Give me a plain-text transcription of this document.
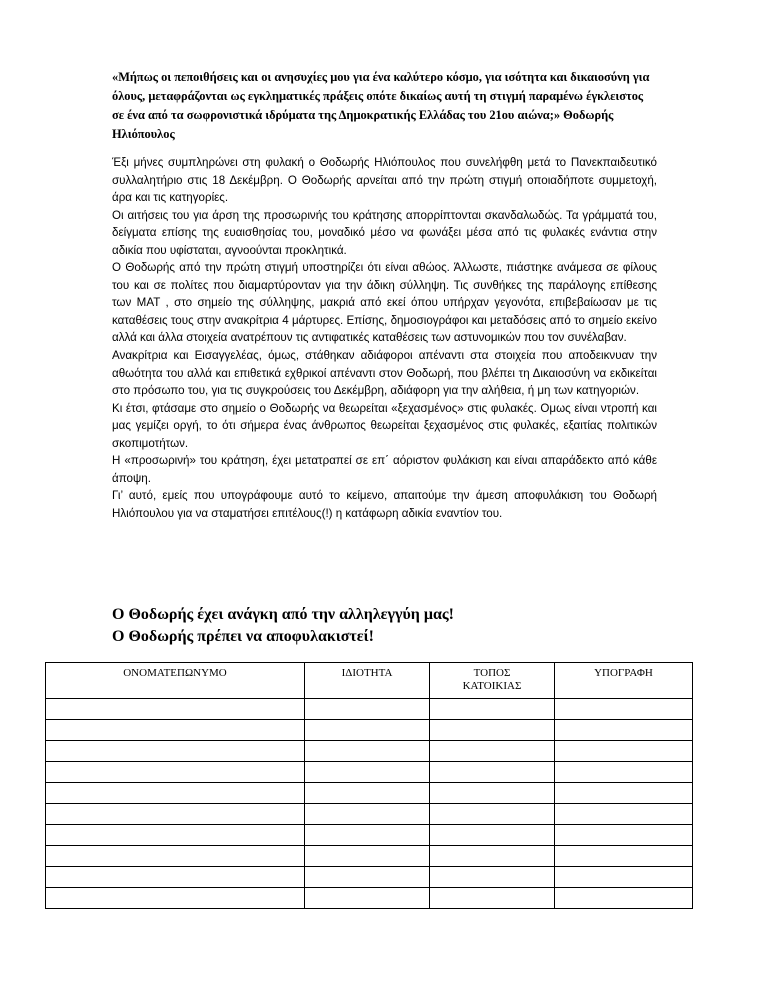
«Μήπως οι πεποιθήσεις και οι ανησυχίες μου για ένα καλύτερο κόσμο, για ισότητα και δικαιοσύνη για όλους, μεταφράζονται ως εγκληματικές πράξεις οπότε δικαίως αυτή τη στιγμή παραμένω έγκλειστος σε ένα από τα σωφρονιστικά ιδρύματα της Δημοκρατικής Ελλάδας του 21ου αιώνα;» Θοδωρής Ηλιόπουλος

Έξι μήνες συμπληρώνει στη φυλακή ο Θοδωρής Ηλιόπουλος που συνελήφθη μετά το Πανεκπαιδευτικό συλλαλητήριο στις 18 Δεκέμβρη. Ο Θοδωρής αρνείται από την πρώτη στιγμή οποιαδήποτε συμμετοχή, άρα και τις κατηγορίες.

Οι αιτήσεις του για άρση της προσωρινής του κράτησης απορρίπτονται σκανδαλωδώς. Τα γράμματά του, δείγματα επίσης της ευαισθησίας του, μοναδικό μέσο να φωνάξει μέσα από τις φυλακές ενάντια στην αδικία που υφίσταται, αγνοούνται προκλητικά.

Ο Θοδωρής από την πρώτη στιγμή υποστηρίζει ότι είναι αθώος. Άλλωστε, πιάστηκε ανάμεσα σε φίλους του και σε πολίτες που διαμαρτύρονταν για την άδικη σύλληψη. Τις συνθήκες της παράλογης επίθεσης των ΜΑΤ , στο σημείο της σύλληψης, μακριά από εκεί όπου υπήρχαν γεγονότα, επιβεβαίωσαν με τις καταθέσεις τους στην ανακρίτρια 4 μάρτυρες. Επίσης, δημοσιογράφοι και μεταδόσεις από το σημείο εκείνο αλλά και άλλα στοιχεία ανατρέπουν τις αντιφατικές καταθέσεις των αστυνομικών που τον συνέλαβαν.

Ανακρίτρια και Εισαγγελέας, όμως, στάθηκαν αδιάφοροι απέναντι στα στοιχεία που αποδεικνυαν την αθωότητα του αλλά και επιθετικά εχθρικοί απέναντι στον Θοδωρή, που βλέπει τη Δικαιοσύνη να εκδικείται στο πρόσωπο του, για τις συγκρούσεις του Δεκέμβρη, αδιάφορη για την αλήθεια, ή μη των κατηγοριών.

Κι έτσι, φτάσαμε στο σημείο ο Θοδωρής να θεωρείται «ξεχασμένος» στις φυλακές. Ομως είναι ντροπή και μας γεμίζει οργή, το ότι σήμερα ένας άνθρωπος θεωρείται ξεχασμένος στις φυλακές, εξαιτίας πολιτικών σκοπιμοτήτων.

Η «προσωρινή» του κράτηση, έχει μετατραπεί σε επ΄ αόριστον φυλάκιση και είναι απαράδεκτο από κάθε άποψη.

Γι’ αυτό, εμείς που υπογράφουμε αυτό το κείμενο, απαιτούμε την άμεση αποφυλάκιση του Θοδωρή Ηλιόπουλου για να σταματήσει επιτέλους(!) η κατάφωρη αδικία εναντίον του.

Ο Θοδωρής έχει ανάγκη από την αλληλεγγύη μας!

Ο Θοδωρής πρέπει να αποφυλακιστεί!

ΟΝΟΜΑΤΕΠΩΝΥΜΟ	ΙΔΙΟΤΗΤΑ	ΤΟΠΟΣ ΚΑΤΟΙΚΙΑΣ	ΥΠΟΓΡΑΦΗ
